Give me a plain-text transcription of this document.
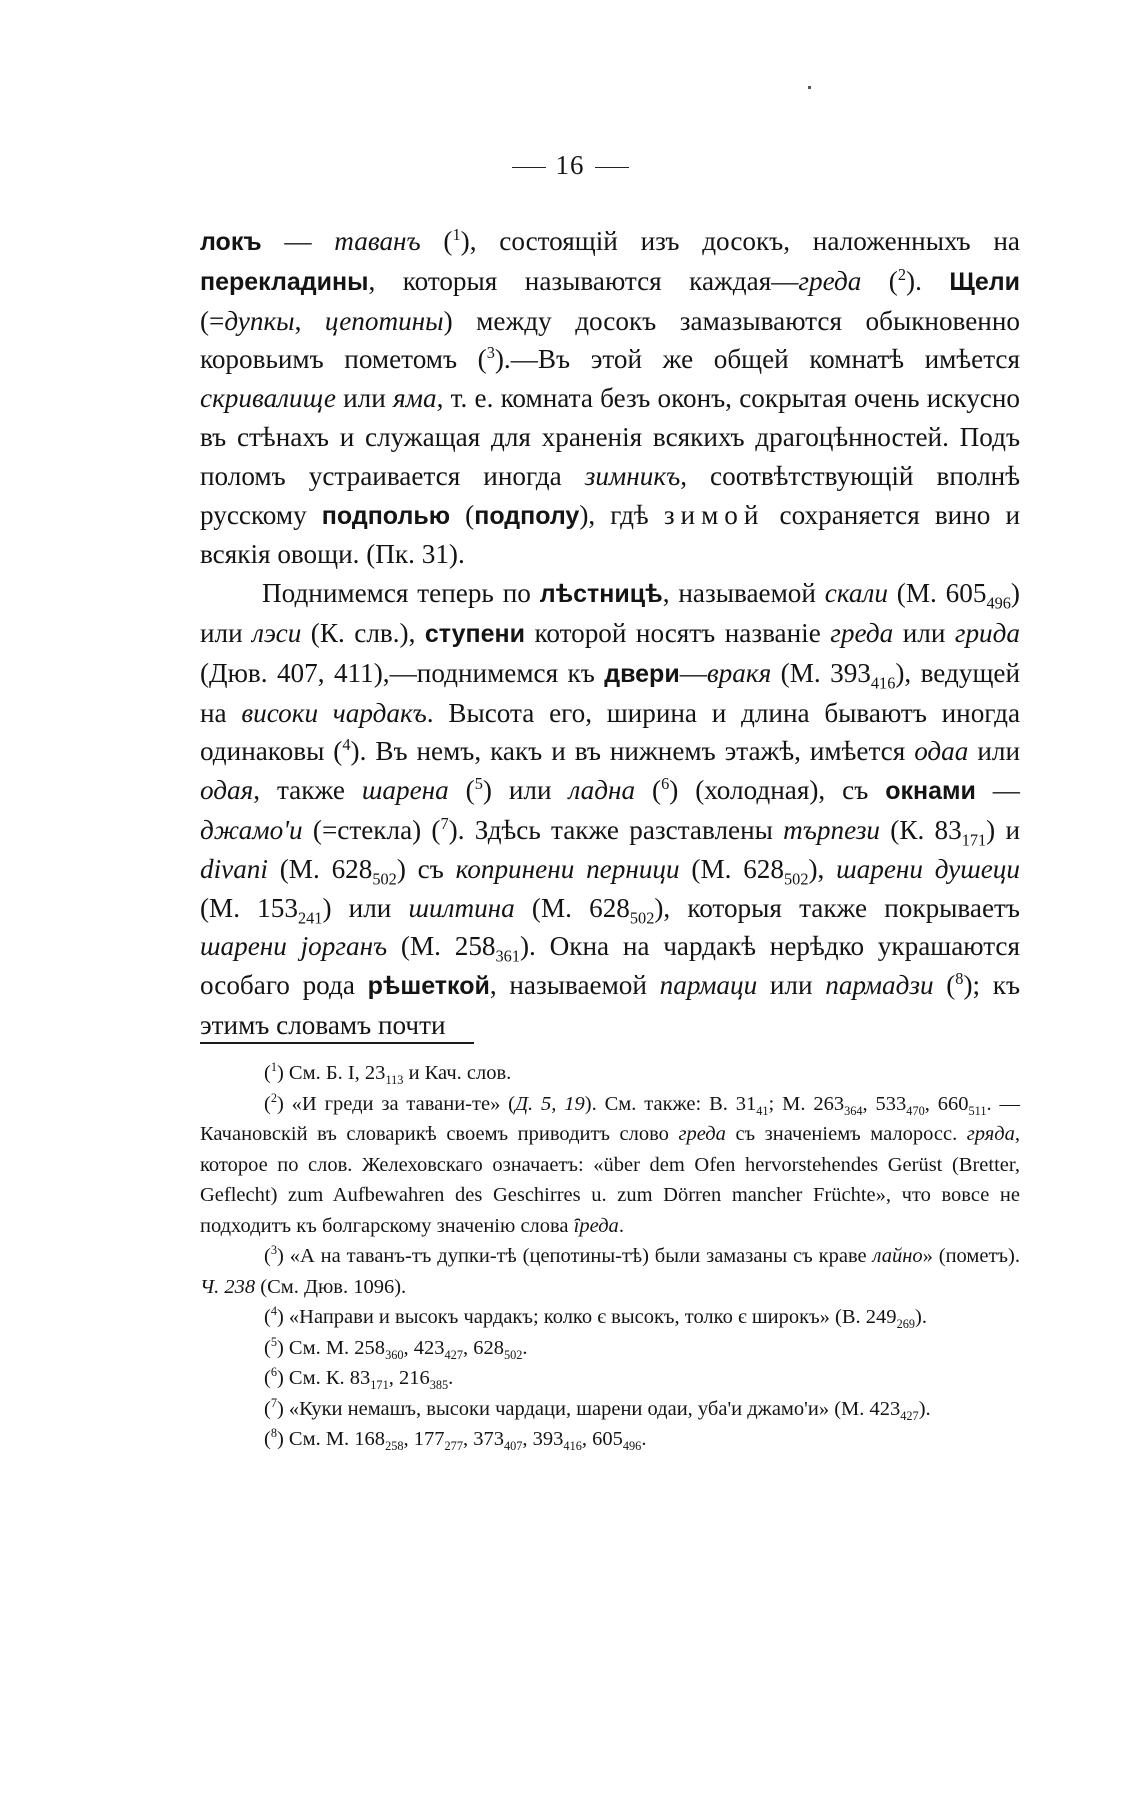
16

локъ — таванъ ($^1$), состоящій изъ досокъ, наложенныхъ на перекладины, которыя называются каждая—греда ($^2$). Щели (=дупкы, цепотины) между досокъ замазываются обыкновенно коровьимъ пометомъ ($^3$).—Въ этой же общей комнатѣ имѣется скривалище или яма, т. е. комната безъ оконъ, сокрытая очень искусно въ стѣнахъ и служащая для храненія всякихъ драгоцѣнностей. Подъ поломъ устраивается иногда зимникъ, соотвѣтствующій вполнѣ русскому подполью (подполу), гдѣ зимой сохраняется вино и всякія овощи. (Пк. 31).

Поднимемся теперь по лѣстницѣ, называемой скали (М. $605_{496}$) или лэси (К. слв.), ступени которой носятъ названіе греда или грида (Дюв. 407, 411),—поднимемся къ двери—вракя (М. $393_{416}$), ведущей на високи чардакъ. Высота его, ширина и длина бываютъ иногда одинаковы ($^4$). Въ немъ, какъ и въ нижнемъ этажѣ, имѣется одаа или одая, также шарена ($^5$) или ладна ($^6$) (холодная), съ окнами — джамо'и (=стекла) ($^7$). Здѣсь также разставлены търпези (К. $83_{171}$) и divani (М. $628_{502}$) съ копринени перници (М. $628_{502}$), шарени душеци (М. $153_{241}$) или шилтина (М. $628_{502}$), которыя также покрываетъ шарени јорганъ (М. $258_{361}$). Окна на чардакѣ нерѣдко украшаются особаго рода рѣшеткой, называемой пармаци или пармадзи ($^8$); къ этимъ словамъ почти

($^1$) См. Б. I, $23_{113}$ и Кач. слов.

($^2$) «И греди за тавани-те» (Д. 5, 19). См. также: В. $31_{41}$; М. $263_{364}$, $533_{470}$, $660_{511}$. — Качановскій въ словарикѣ своемъ приводитъ слово греда съ значеніемъ малоросс. гряда, которое по слов. Желеховскаго означаетъ: «über dem Ofen hervorstehendes Gerüst (Bretter, Geflecht) zum Aufbewahren des Geschirres u. zum Dörren mancher Früchte», что вовсе не подходитъ къ болгарскому значенію слова ȋреда.

($^3$) «А на таванъ-тъ дупки-тѣ (цепотины-тѣ) были замазаны съ краве лайно» (пометъ). Ч. 238 (См. Дюв. 1096).

($^4$) «Направи и высокъ чардакъ; колко є высокъ, толко є широкъ» (В. $249_{269}$).

($^5$) См. М. $258_{360}$, $423_{427}$, $628_{502}$.

($^6$) См. К. $83_{171}$, $216_{385}$.

($^7$) «Куки немашъ, высоки чардаци, шарени одаи, уба'и джамо'и» (М. $423_{427}$).

($^8$) См. М. $168_{258}$, $177_{277}$, $373_{407}$, $393_{416}$, $605_{496}$.
